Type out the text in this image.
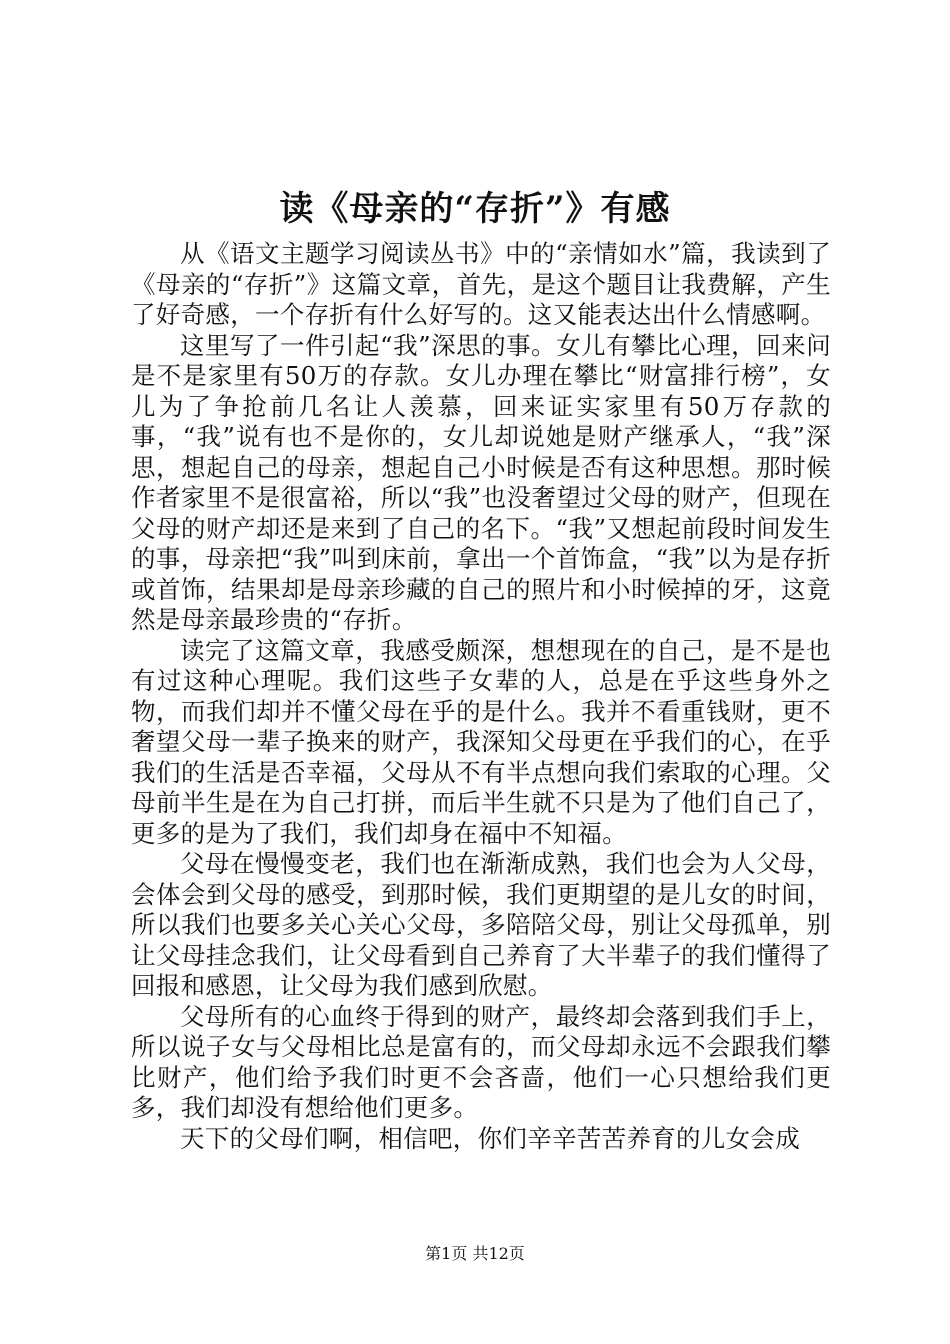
读《母亲的“存折”》有感

从《语文主题学习阅读丛书》中的“亲情如水”篇，我读到了《母亲的“存折”》这篇文章，首先，是这个题目让我费解，产生了好奇感，一个存折有什么好写的。这又能表达出什么情感啊。

这里写了一件引起“我”深思的事。女儿有攀比心理，回来问是不是家里有50万的存款。女儿办理在攀比“财富排行榜”，女儿为了争抢前几名让人羡慕，回来证实家里有50万存款的事，“我”说有也不是你的，女儿却说她是财产继承人，“我”深思，想起自己的母亲，想起自己小时候是否有这种思想。那时候作者家里不是很富裕，所以“我”也没奢望过父母的财产，但现在父母的财产却还是来到了自己的名下。“我”又想起前段时间发生的事，母亲把“我”叫到床前，拿出一个首饰盒，“我”以为是存折或首饰，结果却是母亲珍藏的自己的照片和小时候掉的牙，这竟然是母亲最珍贵的“存折。

读完了这篇文章，我感受颇深，想想现在的自己，是不是也有过这种心理呢。我们这些子女辈的人，总是在乎这些身外之物，而我们却并不懂父母在乎的是什么。我并不看重钱财，更不奢望父母一辈子换来的财产，我深知父母更在乎我们的心，在乎我们的生活是否幸福，父母从不有半点想向我们索取的心理。父母前半生是在为自己打拼，而后半生就不只是为了他们自己了，更多的是为了我们，我们却身在福中不知福。

父母在慢慢变老，我们也在渐渐成熟，我们也会为人父母，会体会到父母的感受，到那时候，我们更期望的是儿女的时间，所以我们也要多关心关心父母，多陪陪父母，别让父母孤单，别让父母挂念我们，让父母看到自己养育了大半辈子的我们懂得了回报和感恩，让父母为我们感到欣慰。

父母所有的心血终于得到的财产，最终却会落到我们手上，所以说子女与父母相比总是富有的，而父母却永远不会跟我们攀比财产，他们给予我们时更不会吝啬，他们一心只想给我们更多，我们却没有想给他们更多。

天下的父母们啊，相信吧，你们辛辛苦苦养育的儿女会成

第1页 共12页
